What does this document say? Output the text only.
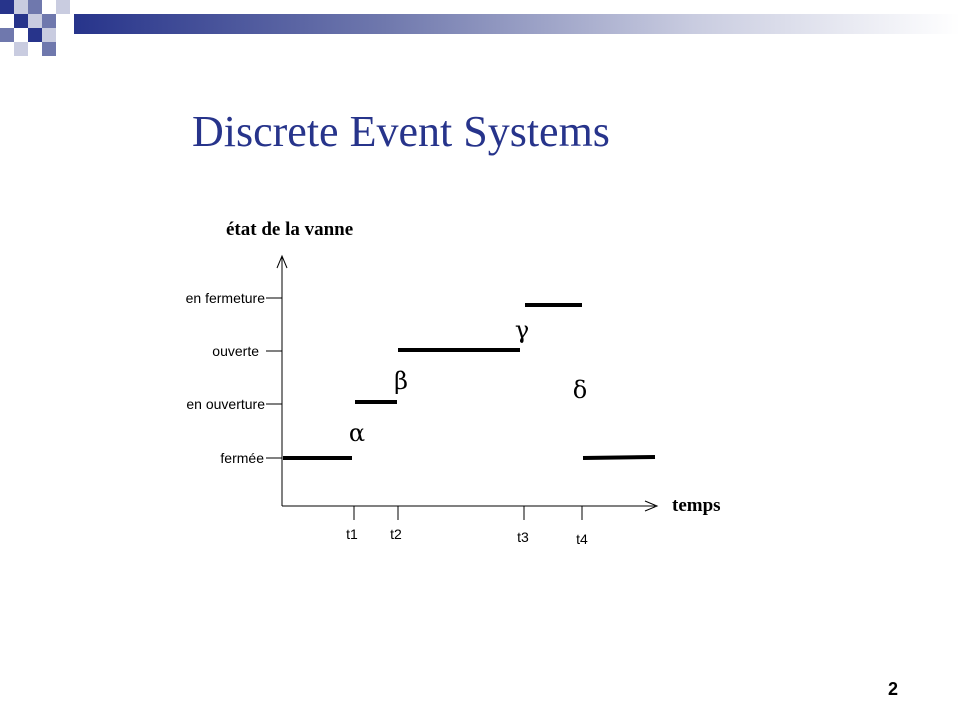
Discrete Event Systems
état de la vanne
temps
en fermeture
ouverte
en ouverture
fermée
t1 t2	t3	t4
α
β
γ
δ
2
